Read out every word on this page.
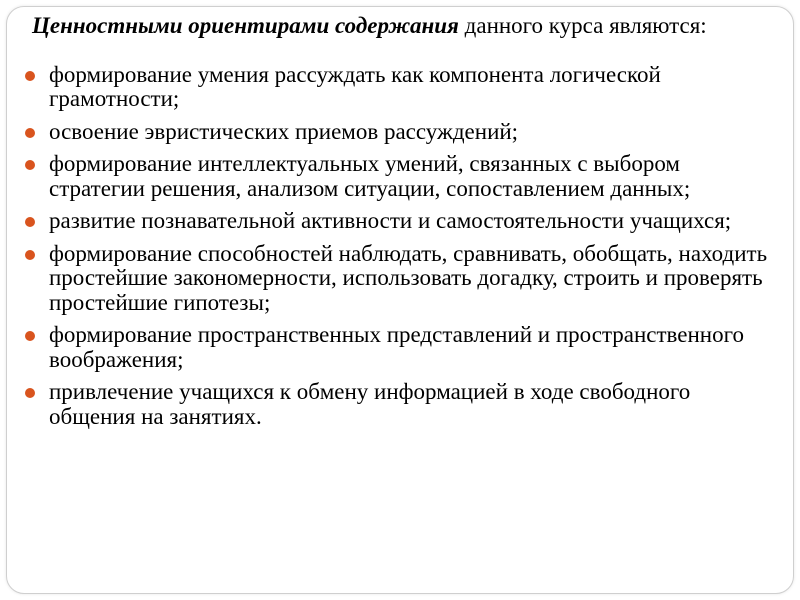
Ценностными ориентирами содержания данного курса являются:

формирование умения рассуждать как компонента логической грамотности;
освоение эвристических приемов рассуждений;
формирование интеллектуальных умений, связанных с выбором стратегии решения, анализом ситуации, сопоставлением данных;
развитие познавательной активности и самостоятельности учащихся;
формирование способностей наблюдать, сравнивать, обобщать, находить простейшие закономерности, использовать догадку, строить и проверять простейшие гипотезы;
формирование пространственных представлений и пространственного воображения;
привлечение учащихся к обмену информацией в ходе свободного общения на занятиях.
